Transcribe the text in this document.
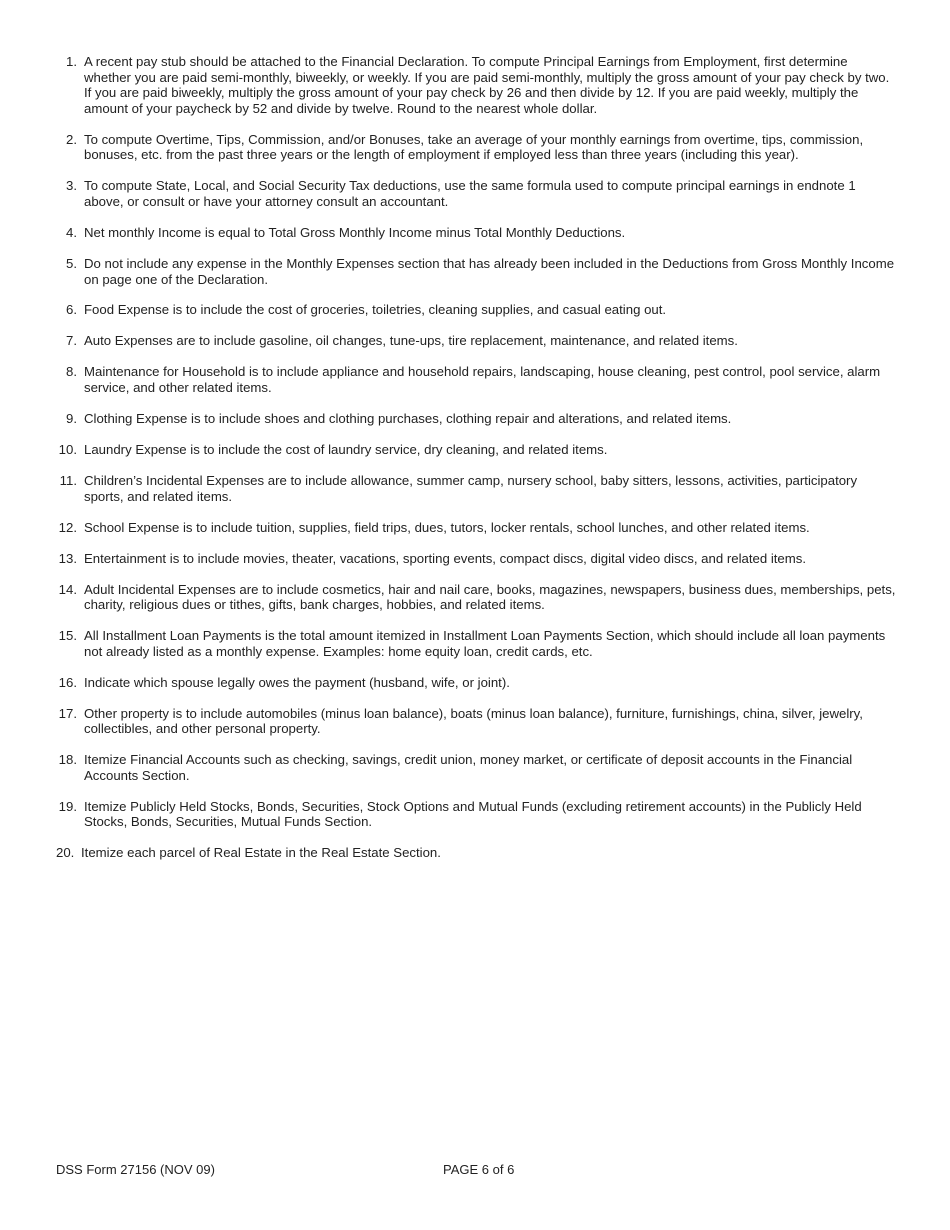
1. A recent pay stub should be attached to the Financial Declaration. To compute Principal Earnings from Employment, first determine whether you are paid semi-monthly, biweekly, or weekly. If you are paid semi-monthly, multiply the gross amount of your pay check by two. If you are paid biweekly, multiply the gross amount of your pay check by 26 and then divide by 12. If you are paid weekly, multiply the amount of your paycheck by 52 and divide by twelve. Round to the nearest whole dollar.
2. To compute Overtime, Tips, Commission, and/or Bonuses, take an average of your monthly earnings from overtime, tips, commission, bonuses, etc. from the past three years or the length of employment if employed less than three years (including this year).
3. To compute State, Local, and Social Security Tax deductions, use the same formula used to compute principal earnings in endnote 1 above, or consult or have your attorney consult an accountant.
4. Net monthly Income is equal to Total Gross Monthly Income minus Total Monthly Deductions.
5. Do not include any expense in the Monthly Expenses section that has already been included in the Deductions from Gross Monthly Income on page one of the Declaration.
6. Food Expense is to include the cost of groceries, toiletries, cleaning supplies, and casual eating out.
7. Auto Expenses are to include gasoline, oil changes, tune-ups, tire replacement, maintenance, and related items.
8. Maintenance for Household is to include appliance and household repairs, landscaping, house cleaning, pest control, pool service, alarm service, and other related items.
9. Clothing Expense is to include shoes and clothing purchases, clothing repair and alterations, and related items.
10. Laundry Expense is to include the cost of laundry service, dry cleaning, and related items.
11. Children’s Incidental Expenses are to include allowance, summer camp, nursery school, baby sitters, lessons, activities, participatory sports, and related items.
12. School Expense is to include tuition, supplies, field trips, dues, tutors, locker rentals, school lunches, and other related items.
13. Entertainment is to include movies, theater, vacations, sporting events, compact discs, digital video discs, and related items.
14. Adult Incidental Expenses are to include cosmetics, hair and nail care, books, magazines, newspapers, business dues, memberships, pets, charity, religious dues or tithes, gifts, bank charges, hobbies, and related items.
15. All Installment Loan Payments is the total amount itemized in Installment Loan Payments Section, which should include all loan payments not already listed as a monthly expense. Examples: home equity loan, credit cards, etc.
16. Indicate which spouse legally owes the payment (husband, wife, or joint).
17. Other property is to include automobiles (minus loan balance), boats (minus loan balance), furniture, furnishings, china, silver, jewelry, collectibles, and other personal property.
18. Itemize Financial Accounts such as checking, savings, credit union, money market, or certificate of deposit accounts in the Financial Accounts Section.
19. Itemize Publicly Held Stocks, Bonds, Securities, Stock Options and Mutual Funds (excluding retirement accounts) in the Publicly Held Stocks, Bonds, Securities, Mutual Funds Section.
20. Itemize each parcel of Real Estate in the Real Estate Section.
DSS Form 27156 (NOV 09)	PAGE 6 of 6
